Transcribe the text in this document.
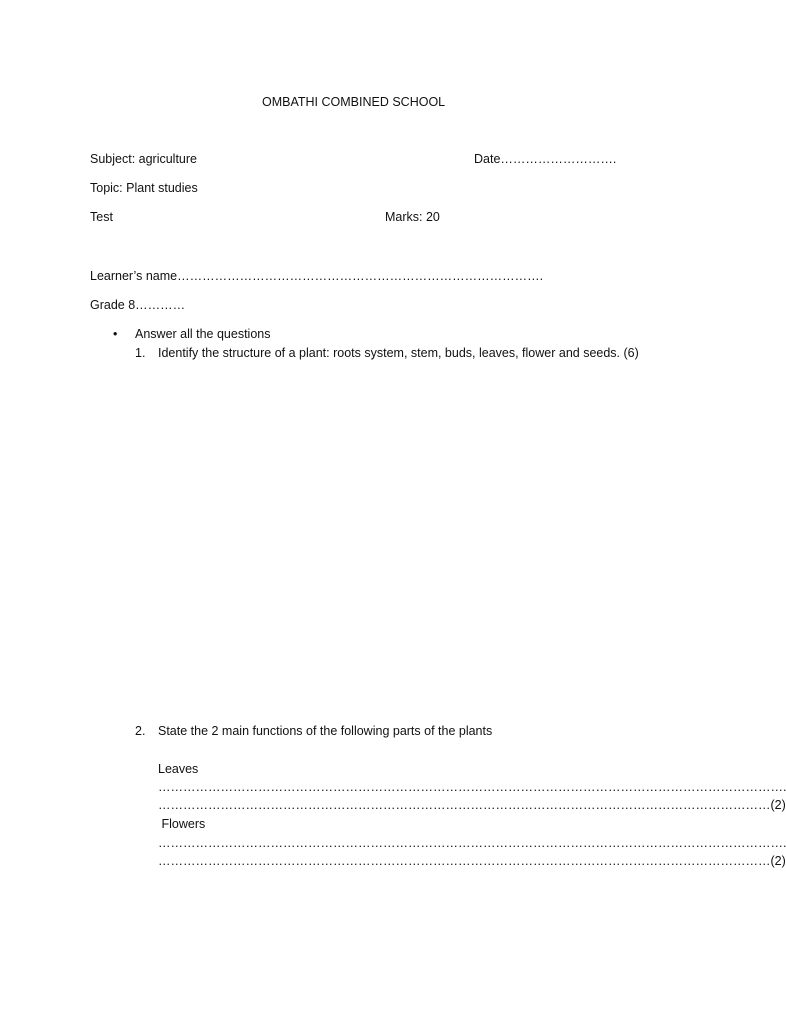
OMBATHI COMBINED SCHOOL
Subject: agriculture	Date……………………….
Topic: Plant studies
Test	Marks: 20
Learner’s name…………………………………………………………………………….
Grade 8…………
• Answer all the questions
1. Identify the structure of a plant: roots system, stem, buds, leaves, flower and seeds. (6)
2. State the 2 main functions of the following parts of the plants
Leaves
…………………………………………………………………………………………………………………………………….
…………………………………………………………………………………………………………………………………(2)
Flowers
…………………………………………………………………………………………………………………………………….
…………………………………………………………………………………………………………………………………(2)
